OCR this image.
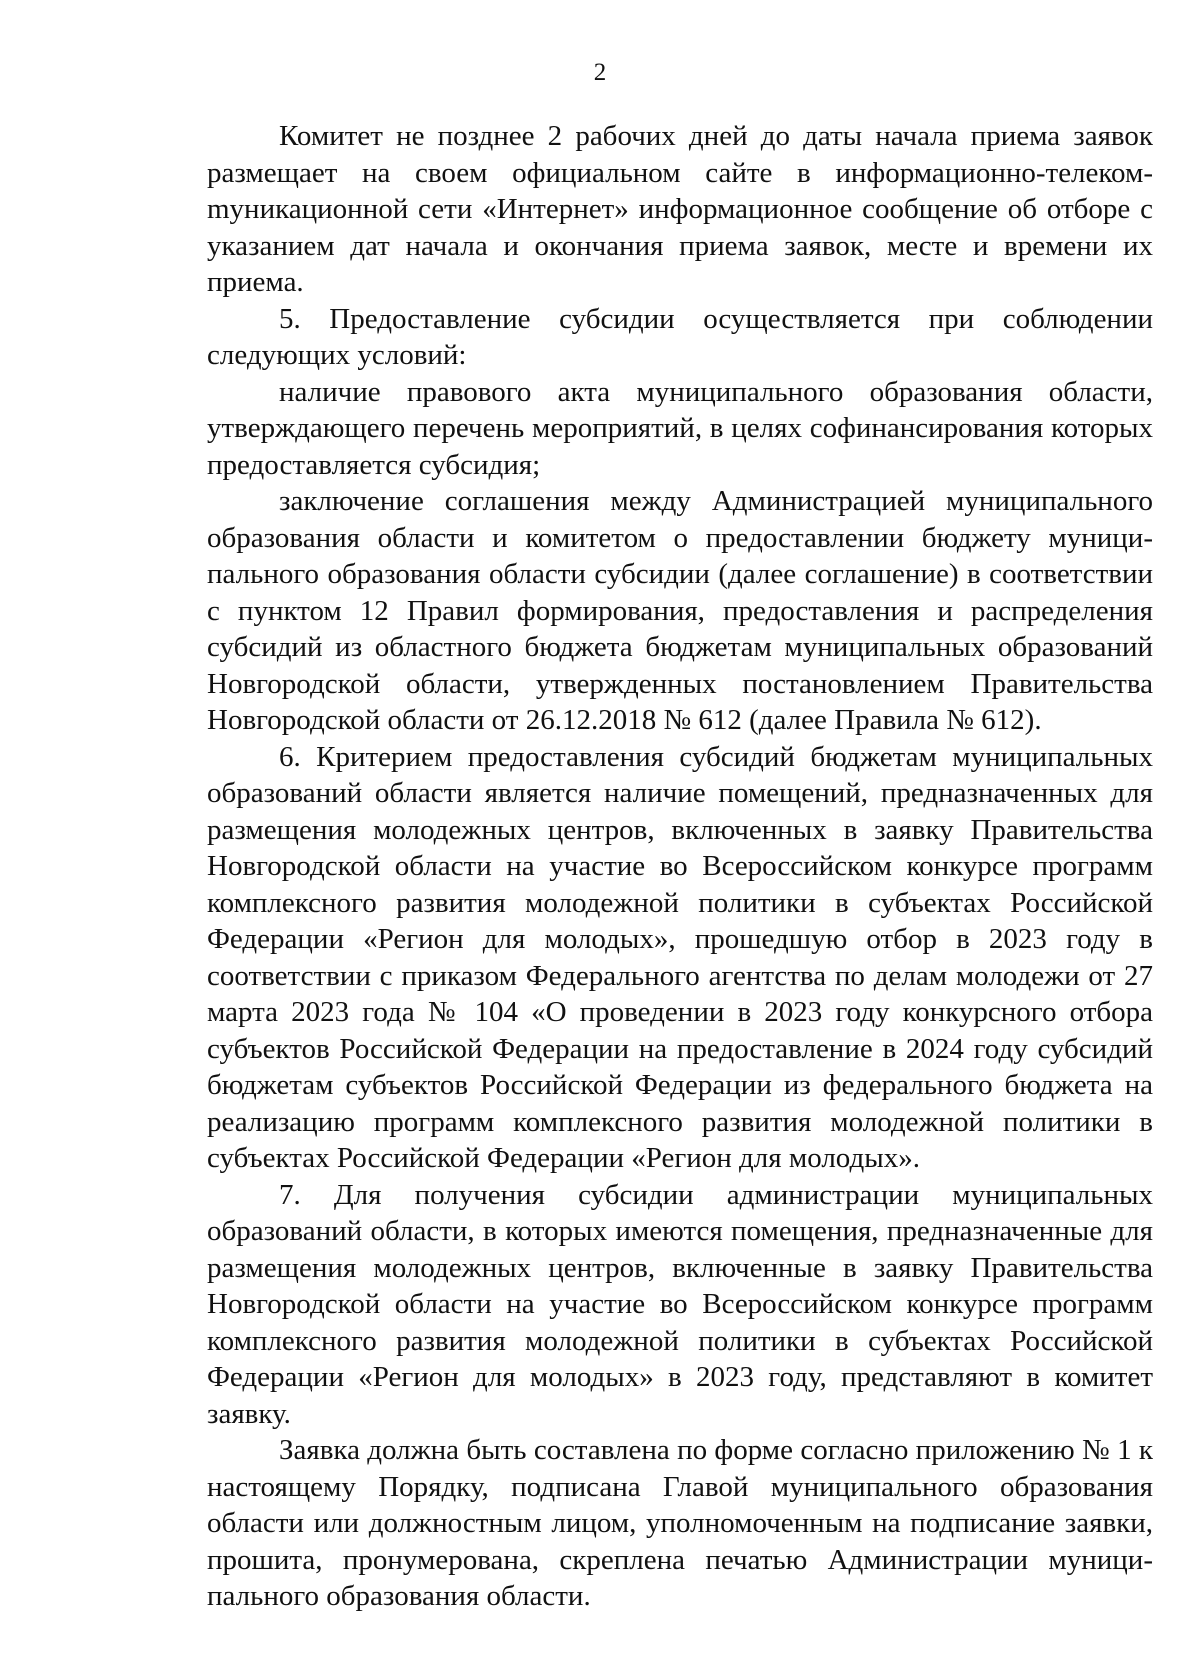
2

Комитет не позднее 2 рабочих дней до даты начала приема заявок размещает на своем официальном сайте в информационно-телекомmуникационной сети «Интернет» информационное сообщение об отборе с указанием дат начала и окончания приема заявок, месте и времени их приема.

5. Предоставление субсидии осуществляется при соблюдении следующих условий:

наличие правового акта муниципального образования области, утверждающего перечень мероприятий, в целях софинансирования которых предоставляется субсидия;

заключение соглашения между Администрацией муниципального образования области и комитетом о предоставлении бюджету муниципального образования области субсидии (далее соглашение) в соответствии с пунктом 12 Правил формирования, предоставления и распределения субсидий из областного бюджета бюджетам муниципальных образований Новгородской области, утвержденных постановлением Правительства Новгородской области от 26.12.2018 № 612 (далее Правила № 612).

6. Критерием предоставления субсидий бюджетам муниципальных образований области является наличие помещений, предназначенных для размещения молодежных центров, включенных в заявку Правительства Новгородской области на участие во Всероссийском конкурсе программ комплексного развития молодежной политики в субъектах Российской Федерации «Регион для молодых», прошедшую отбор в 2023 году в соответствии с приказом Федерального агентства по делам молодежи от 27 марта 2023 года № 104 «О проведении в 2023 году конкурсного отбора субъектов Российской Федерации на предоставление в 2024 году субсидий бюджетам субъектов Российской Федерации из федерального бюджета на реализацию программ комплексного развития молодежной политики в субъектах Российской Федерации «Регион для молодых».

7. Для получения субсидии администрации муниципальных образований области, в которых имеются помещения, предназначенные для размещения молодежных центров, включенные в заявку Правительства Новгородской области на участие во Всероссийском конкурсе программ комплексного развития молодежной политики в субъектах Российской Федерации «Регион для молодых» в 2023 году, представляют в комитет заявку.

Заявка должна быть составлена по форме согласно приложению № 1 к настоящему Порядку, подписана Главой муниципального образования области или должностным лицом, уполномоченным на подписание заявки, прошита, пронумерована, скреплена печатью Администрации муниципального образования области.
